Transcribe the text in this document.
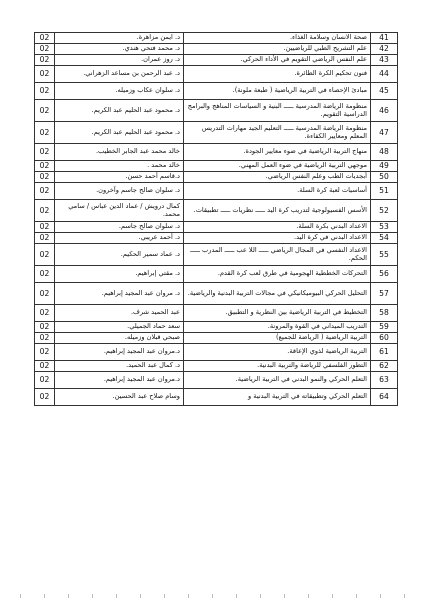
41	صحة الانسان وسلامة الغذاء.	د. ايمن مزاهرة.	02
42	علم التشريح الطبي للرياضيين.	د. محمد فتحي هندي.	02
43	علم النفس الرياضي التقويم في الأداء الحركي.	د. روز عمران.	02
44	فنون تحكيم الكرة الطائرة.	د. عبد الرحمن بن مساعد الزهراني.	02
45	مبادئ الإحصاء في التربية الرياضية ( طبعة ملونة).	د. سلوان عكاب وزميله.	02
46	منظومة الرياضة المدرسية ـــــ البنية و السياسات المناهج والبرامج الدراسية التقويم.	د. محمود عبد الحليم عبد الكريم.	02
47	منظومة الرياضة المدرسية ـــــ التعليم الجيد مهارات التدريس المعلم ومعايير الكفاءة.	د. محمود عبد الحليم عبد الكريم.	02
48	منهاج التربية الرياضية في ضوء معايير الجودة.	خالد محمد عبد الجابر الخطيب.	02
49	موجهي التربية الرياضية في ضوء العمل المهني.	خالد محمد .	02
50	أبجديات الطب وعلم النفس الرياضي.	د.قاسم أحمد حسن.	02
51	أساسيات لعبة كرة السلة.	د. سلوان صالح جاسم وآخرون.	02
52	الأسس الفسيولوجية لتدريب كرة اليد ـــــ نظريات ـــــ تطبيقات.	كمال درويش / عماد الدين عباس / سامي محمد.	02
53	الاعداد البدني بكرة السلة.	د. سلوان صالح جاسم.	02
54	الاعداد البدني في كرة اليد.	د. أحمد عريبي.	02
55	الاعداد النفسي في المجال الرياضي ـــــ اللا عب ـــــ المدرب ـــــ الحكم.	د. عماد سمير الحكيم.	02
56	التحركات الخططية الهجومية في طرق لعب كرة القدم.	د. مقتي إبراهيم.	02
57	التحليل الحركي البيوميكانيكي في مجالات التربية البدنية والرياضية.	د. مروان عبد المجيد إبراهيم.	02
58	التخطيط في التربية الرياضية بين النظرية و التطبيق.	عبد الحميد شرف.	02
59	التدريب الميداني في القوة والمرونة.	سعد حماد الجميلي.	02
60	التربية الرياضية ( الرياضة للجميع)	صبحي قبلان وزميله.	02
61	التربية الرياضية لذوي الإعاقة.	د.مروان عبد المجيد إبراهيم.	02
62	التطور الفلسفي للرياضة والتربية البدنية.	د. كمال عبد الحميد.	02
63	التعلم الحركي والنمو البدني في التربية الرياضية.	د.مروان عبد المجيد إبراهيم.	02
64	التعلم الحركي وتطبيقاته في التربية البدنية و	وسام صلاح عبد الحسين.	02
